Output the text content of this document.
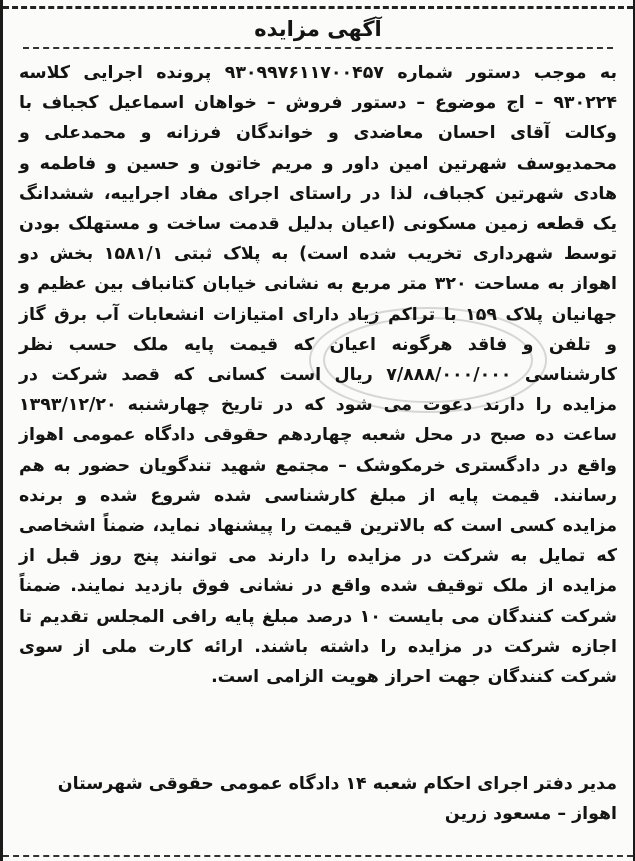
آگهی مزایده
به موجب دستور شماره ۹۳۰۹۹۷۶۱۱۷۰۰۴۵۷ پرونده اجرایی کلاسه ۹۳۰۲۲۴ – اج موضوع – دستور فروش – خواهان اسماعیل کجباف با وکالت آقای احسان معاضدی و خواندگان فرزانه و محمدعلی و محمدیوسف شهرتین امین داور و مریم خاتون و حسین و فاطمه و هادی شهرتین کجباف، لذا در راستای اجرای مفاد اجراییه، ششدانگ یک قطعه زمین مسکونی (اعیان بدلیل قدمت ساخت و مستهلک بودن توسط شهرداری تخریب شده است) به پلاک ثبتی ۱۵۸۱/۱ بخش دو اهواز به مساحت ۳۲۰ متر مربع به نشانی خیابان کتانباف بین عظیم و جهانیان پلاک ۱۵۹ با تراکم زیاد دارای امتیازات انشعابات آب برق گاز و تلفن و فاقد هرگونه اعیان که قیمت پایه ملک حسب نظر کارشناسی ۷/۸۸۸/۰۰۰/۰۰۰ ریال است کسانی که قصد شرکت در مزایده را دارند دعوت می شود که در تاریخ چهارشنبه ۱۳۹۳/۱۲/۲۰ ساعت ده صبح در محل شعبه چهاردهم حقوقی دادگاه عمومی اهواز واقع در دادگستری خرمکوشک – مجتمع شهید تندگویان حضور به هم رسانند. قیمت پایه از مبلغ کارشناسی شده شروع شده و برنده مزایده کسی است که بالاترین قیمت را پیشنهاد نماید، ضمناً اشخاصی که تمایل به شرکت در مزایده را دارند می توانند پنج روز قبل از مزایده از ملک توقیف شده واقع در نشانی فوق بازدید نمایند. ضمناً شرکت کنندگان می بایست ۱۰ درصد مبلغ پایه رافی المجلس تقدیم تا اجازه شرکت در مزایده را داشته باشند. ارائه کارت ملی از سوی شرکت کنندگان جهت احراز هویت الزامی است.
مدیر دفتر اجرای احکام شعبه ۱۴ دادگاه عمومی حقوقی شهرستان اهواز – مسعود زرین
